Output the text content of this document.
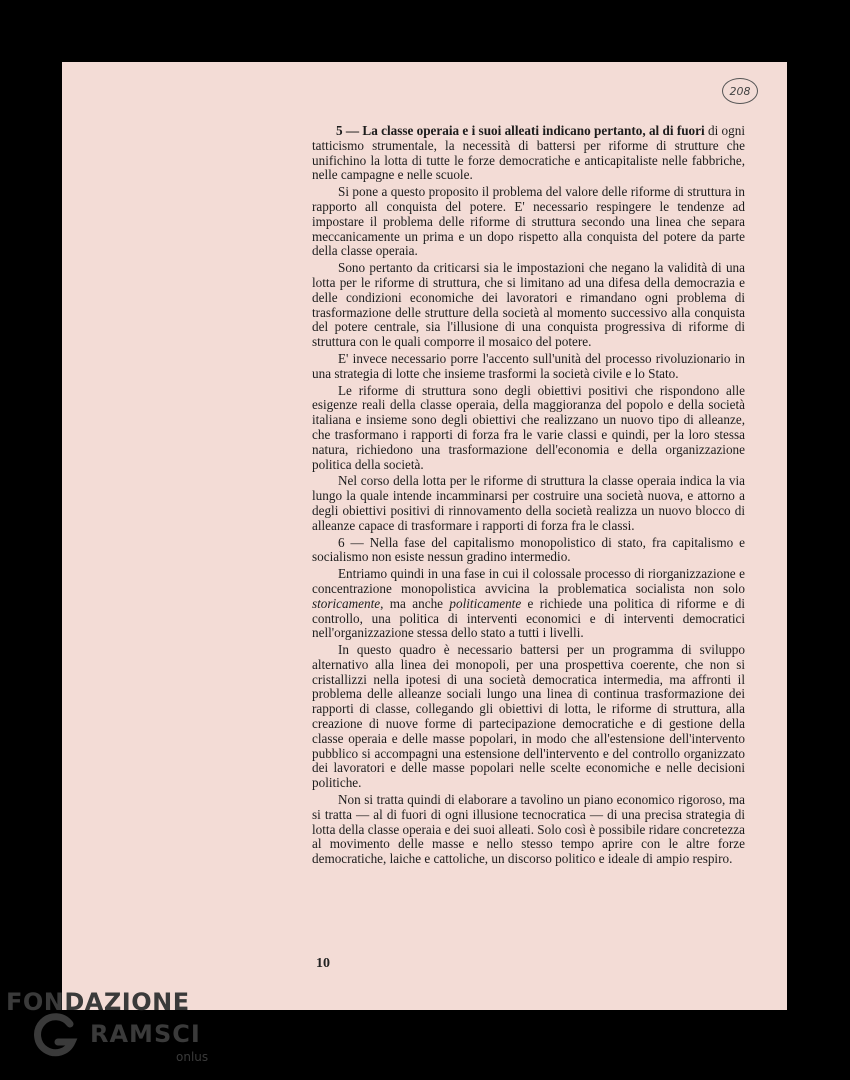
208

5 — La classe operaia e i suoi alleati indicano pertanto, al di fuori di ogni tatticismo strumentale, la necessità di battersi per riforme di strutture che unifichino la lotta di tutte le forze democratiche e anticapitaliste nelle fabbriche, nelle campagne e nelle scuole.

Si pone a questo proposito il problema del valore delle riforme di struttura in rapporto all conquista del potere. E' necessario respingere le tendenze ad impostare il problema delle riforme di struttura secondo una linea che separa meccanicamente un prima e un dopo rispetto alla conquista del potere da parte della classe operaia.

Sono pertanto da criticarsi sia le impostazioni che negano la validità di una lotta per le riforme di struttura, che si limitano ad una difesa della democrazia e delle condizioni economiche dei lavoratori e rimandano ogni problema di trasformazione delle strutture della società al momento successivo alla conquista del potere centrale, sia l'illusione di una conquista progressiva di riforme di struttura con le quali comporre il mosaico del potere.

E' invece necessario porre l'accento sull'unità del processo rivoluzionario in una strategia di lotte che insieme trasformi la società civile e lo Stato.

Le riforme di struttura sono degli obiettivi positivi che rispondono alle esigenze reali della classe operaia, della maggioranza del popolo e della società italiana e insieme sono degli obiettivi che realizzano un nuovo tipo di alleanze, che trasformano i rapporti di forza fra le varie classi e quindi, per la loro stessa natura, richiedono una trasformazione dell'economia e della organizzazione politica della società.

Nel corso della lotta per le riforme di struttura la classe operaia indica la via lungo la quale intende incamminarsi per costruire una società nuova, e attorno a degli obiettivi positivi di rinnovamento della società realizza un nuovo blocco di alleanze capace di trasformare i rapporti di forza fra le classi.

6 — Nella fase del capitalismo monopolistico di stato, fra capitalismo e socialismo non esiste nessun gradino intermedio.

Entriamo quindi in una fase in cui il colossale processo di riorganizzazione e concentrazione monopolistica avvicina la problematica socialista non solo storicamente, ma anche politicamente e richiede una politica di riforme e di controllo, una politica di interventi economici e di interventi democratici nell'organizzazione stessa dello stato a tutti i livelli.

In questo quadro è necessario battersi per un programma di sviluppo alternativo alla linea dei monopoli, per una prospettiva coerente, che non si cristallizzi nella ipotesi di una società democratica intermedia, ma affronti il problema delle alleanze sociali lungo una linea di continua trasformazione dei rapporti di classe, collegando gli obiettivi di lotta, le riforme di struttura, alla creazione di nuove forme di partecipazione democratiche e di gestione della classe operaia e delle masse popolari, in modo che all'estensione dell'intervento pubblico si accompagni una estensione dell'intervento e del controllo organizzato dei lavoratori e delle masse popolari nelle scelte economiche e nelle decisioni politiche.

Non si tratta quindi di elaborare a tavolino un piano economico rigoroso, ma si tratta — al di fuori di ogni illusione tecnocratica — di una precisa strategia di lotta della classe operaia e dei suoi alleati. Solo così è possibile ridare concretezza al movimento delle masse e nello stesso tempo aprire con le altre forze democratiche, laiche e cattoliche, un discorso politico e ideale di ampio respiro.

10
FONDAZIONE
RAMSCI
onlus
